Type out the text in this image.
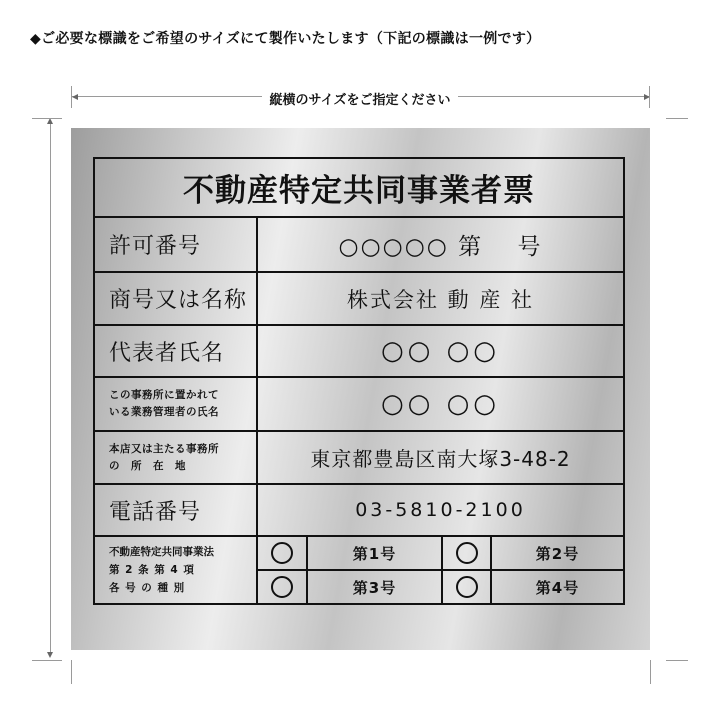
◆ご必要な標識をご希望のサイズにて製作いたします（下記の標識は一例です）
縦横のサイズをご指定ください
不動産特定共同事業者票
許可番号	○○○○○ 第　 号
商号又は名称	株式会社 動 産 社
代表者氏名	○○ ○○
この事務所に置かれて
いる業務管理者の氏名	○○ ○○
本店又は主たる事務所
の　所　在　地	東京都豊島区南大塚3-48-2
電話番号	03-5810-2100
不動産特定共同事業法
第 2 条 第 4 項
各 号 の 種 別
第1号	第2号
第3号	第4号
